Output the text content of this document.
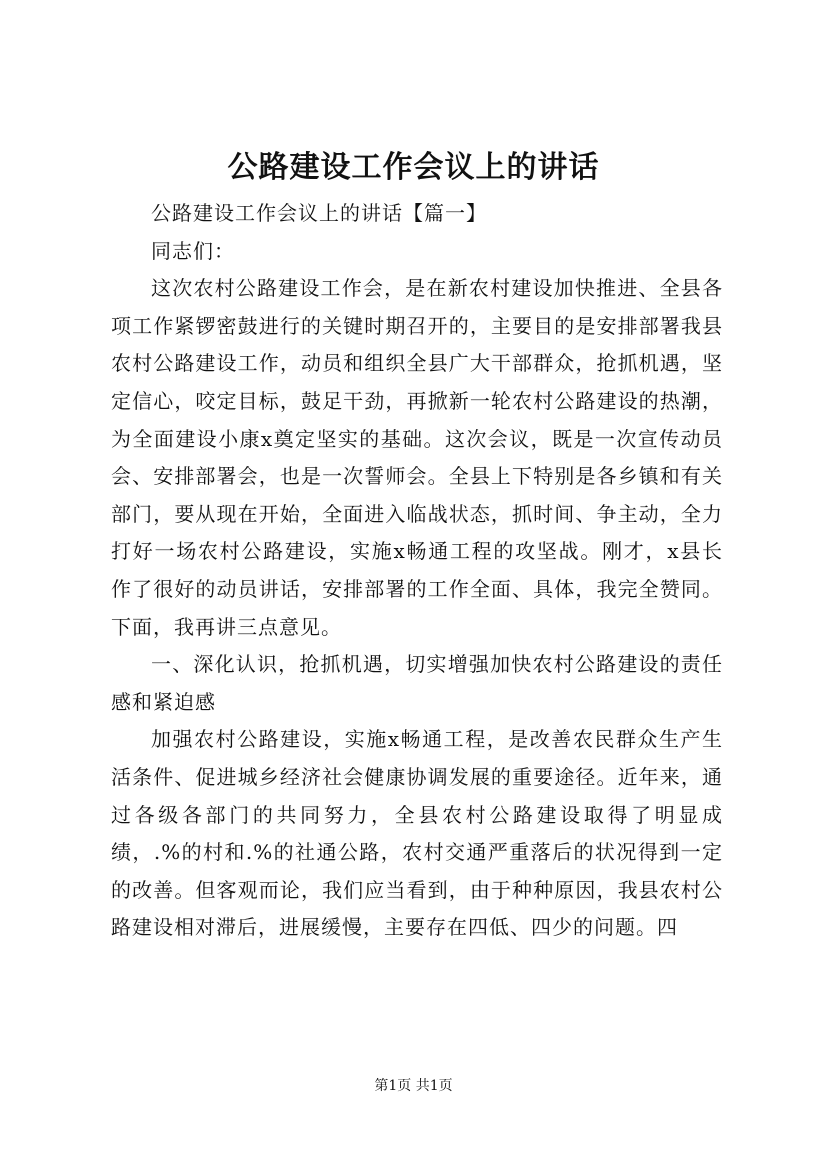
公路建设工作会议上的讲话

公路建设工作会议上的讲话【篇一】

同志们：

这次农村公路建设工作会，是在新农村建设加快推进、全县各项工作紧锣密鼓进行的关键时期召开的，主要目的是安排部署我县农村公路建设工作，动员和组织全县广大干部群众，抢抓机遇，坚定信心，咬定目标，鼓足干劲，再掀新一轮农村公路建设的热潮，为全面建设小康x奠定坚实的基础。这次会议，既是一次宣传动员会、安排部署会，也是一次誓师会。全县上下特别是各乡镇和有关部门，要从现在开始，全面进入临战状态，抓时间、争主动，全力打好一场农村公路建设，实施x畅通工程的攻坚战。刚才，x县长作了很好的动员讲话，安排部署的工作全面、具体，我完全赞同。下面，我再讲三点意见。

一、深化认识，抢抓机遇，切实增强加快农村公路建设的责任感和紧迫感

加强农村公路建设，实施x畅通工程，是改善农民群众生产生活条件、促进城乡经济社会健康协调发展的重要途径。近年来，通过各级各部门的共同努力，全县农村公路建设取得了明显成绩，.%的村和.%的社通公路，农村交通严重落后的状况得到一定的改善。但客观而论，我们应当看到，由于种种原因，我县农村公路建设相对滞后，进展缓慢，主要存在四低、四少的问题。四

第1页 共1页
